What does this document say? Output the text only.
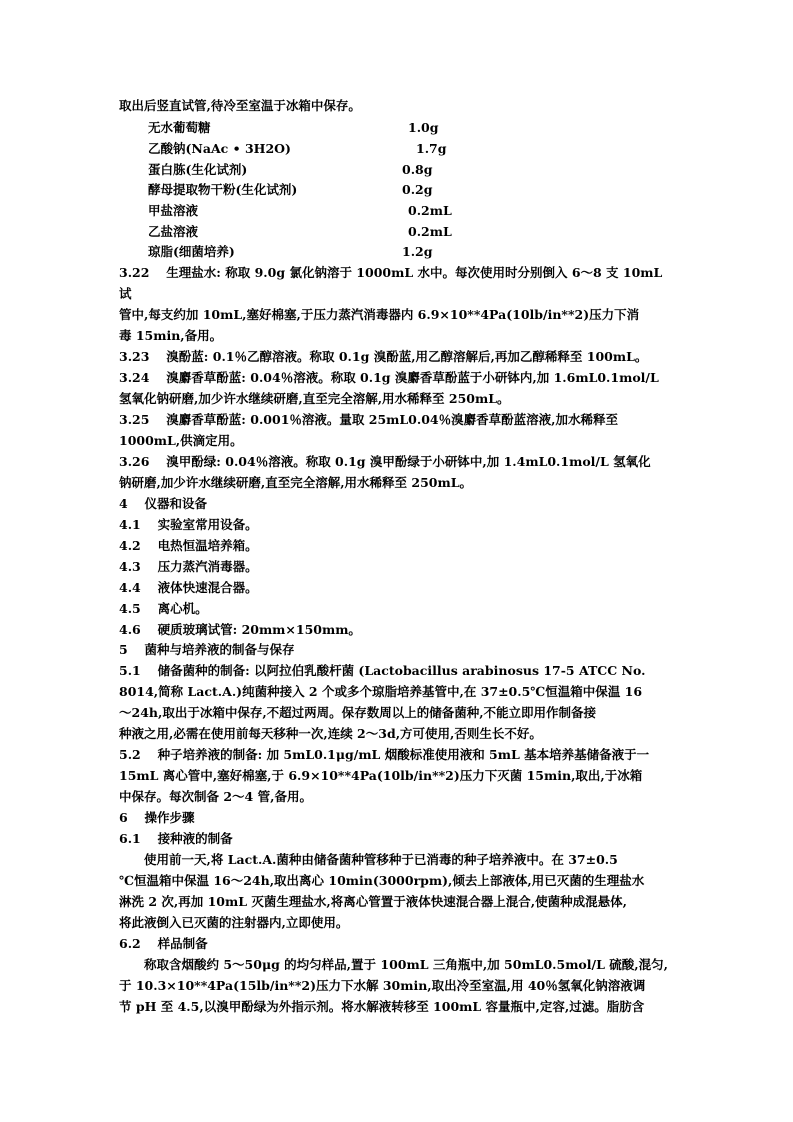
取出后竖直试管,待冷至室温于冰箱中保存。
无水葡萄糖	1.0g
乙酸钠(NaAc • 3H2O)	1.7g
蛋白胨(生化试剂)	0.8g
酵母提取物干粉(生化试剂)	0.2g
甲盐溶液	0.2mL
乙盐溶液	0.2mL
琼脂(细菌培养)	1.2g
3.22　 生理盐水: 称取 9.0g 氯化钠溶于 1000mL 水中。每次使用时分别倒入 6～8 支 10mL
试
管中,每支约加 10mL,塞好棉塞,于压力蒸汽消毒器内 6.9×10**4Pa(10lb/in**2)压力下消
毒 15min,备用。
3.23　 溴酚蓝: 0.1％乙醇溶液。称取 0.1g 溴酚蓝,用乙醇溶解后,再加乙醇稀释至 100mL。
3.24　 溴麝香草酚蓝: 0.04％溶液。称取 0.1g 溴麝香草酚蓝于小研钵内,加 1.6mL0.1mol/L
氢氧化钠研磨,加少许水继续研磨,直至完全溶解,用水稀释至 250mL。
3.25　 溴麝香草酚蓝: 0.001％溶液。量取 25mL0.04％溴麝香草酚蓝溶液,加水稀释至
1000mL,供滴定用。
3.26　 溴甲酚绿: 0.04％溶液。称取 0.1g 溴甲酚绿于小研钵中,加 1.4mL0.1mol/L 氢氧化
钠研磨,加少许水继续研磨,直至完全溶解,用水稀释至 250mL。
4　 仪器和设备
4.1　 实验室常用设备。
4.2　 电热恒温培养箱。
4.3　 压力蒸汽消毒器。
4.4　 液体快速混合器。
4.5　 离心机。
4.6　 硬质玻璃试管: 20mm×150mm。
5　 菌种与培养液的制备与保存
5.1　 储备菌种的制备: 以阿拉伯乳酸杆菌 (Lactobacillus arabinosus 17-5 ATCC No.
8014,简称 Lact.A.)纯菌种接入 2 个或多个琼脂培养基管中,在 37±0.5℃恒温箱中保温 16
～24h,取出于冰箱中保存,不超过两周。保存数周以上的储备菌种,不能立即用作制备接
种液之用,必需在使用前每天移种一次,连续 2～3d,方可使用,否则生长不好。
5.2　 种子培养液的制备: 加 5mL0.1μg/mL 烟酸标准使用液和 5mL 基本培养基储备液于一
15mL 离心管中,塞好棉塞,于 6.9×10**4Pa(10lb/in**2)压力下灭菌 15min,取出,于冰箱
中保存。每次制备 2～4 管,备用。
6　 操作步骤
6.1　 接种液的制备
　　使用前一天,将 Lact.A.菌种由储备菌种管移种于已消毒的种子培养液中。在 37±0.5
℃恒温箱中保温 16～24h,取出离心 10min(3000rpm),倾去上部液体,用已灭菌的生理盐水
淋洗 2 次,再加 10mL 灭菌生理盐水,将离心管置于液体快速混合器上混合,使菌种成混悬体,
将此液倒入已灭菌的注射器内,立即使用。
6.2　 样品制备
　　称取含烟酸约 5～50μg 的均匀样品,置于 100mL 三角瓶中,加 50mL0.5mol/L 硫酸,混匀,
于 10.3×10**4Pa(15lb/in**2)压力下水解 30min,取出冷至室温,用 40％氢氧化钠溶液调
节 pH 至 4.5,以溴甲酚绿为外指示剂。将水解液转移至 100mL 容量瓶中,定容,过滤。脂肪含
